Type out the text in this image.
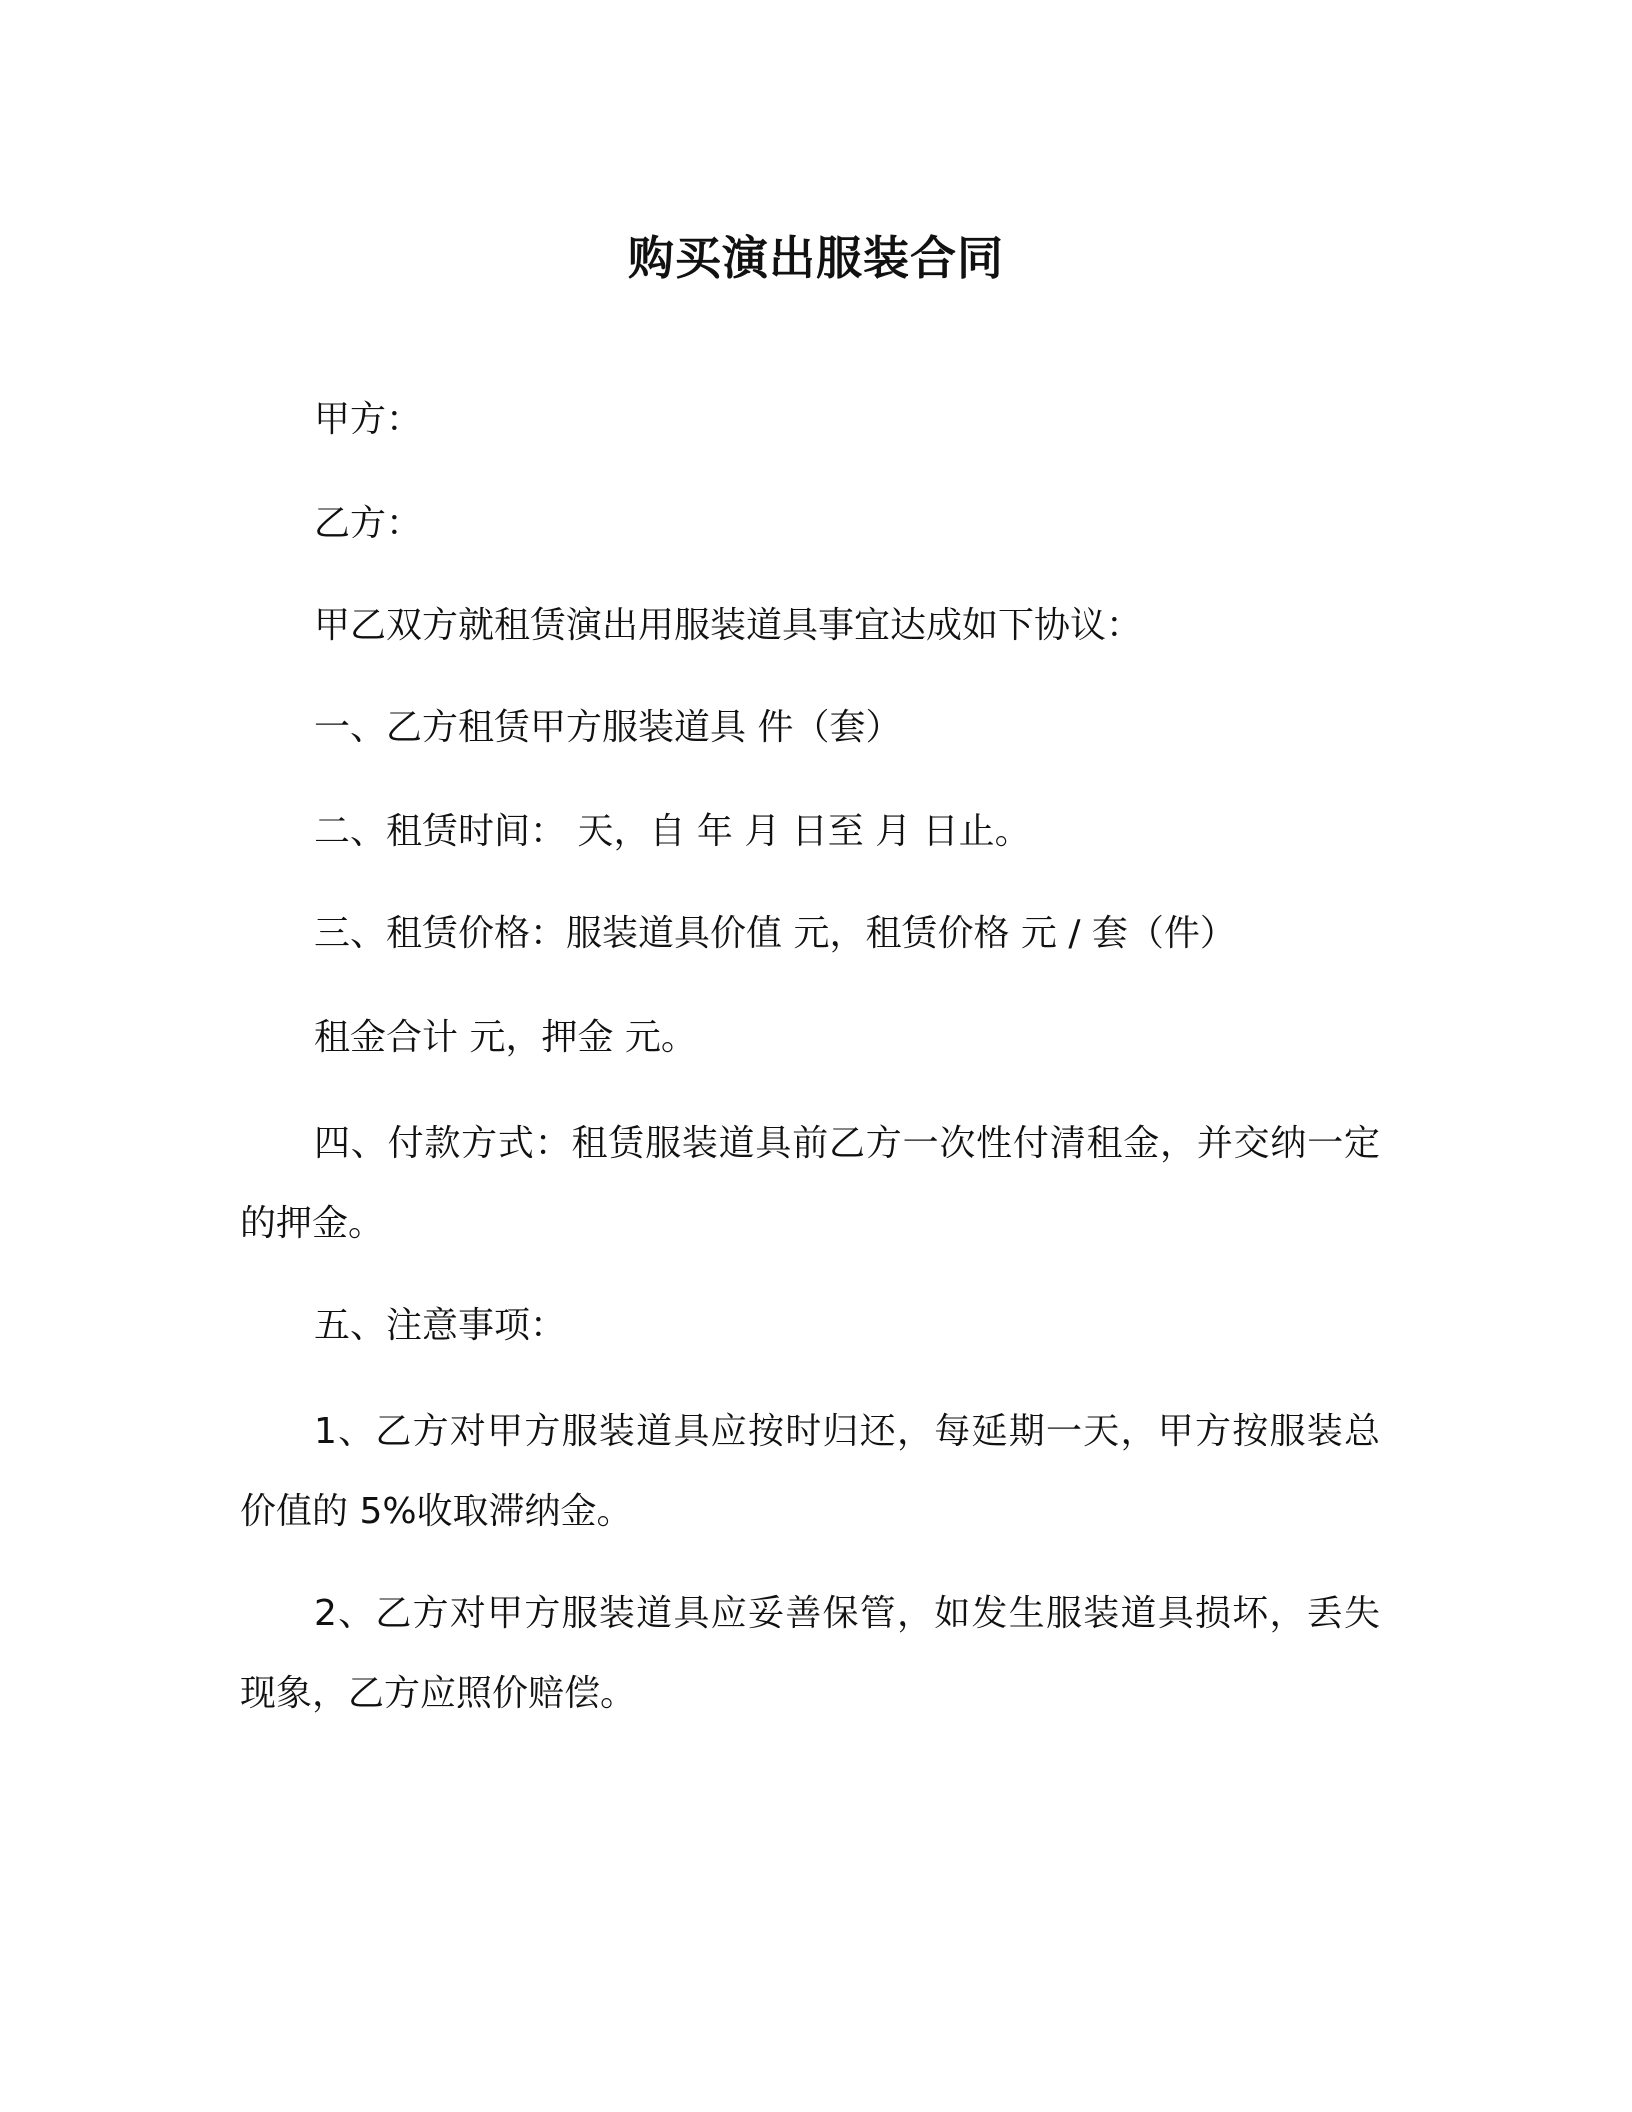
购买演出服装合同
甲方：
乙方：
甲乙双方就租赁演出用服装道具事宜达成如下协议：
一、乙方租赁甲方服装道具 件（套）
二、租赁时间： 天，自 年 月 日至 月 日止。
三、租赁价格：服装道具价值 元，租赁价格 元 / 套（件）
租金合计 元，押金 元。
四、付款方式：租赁服装道具前乙方一次性付清租金，并交纳一定的押金。
五、注意事项：
1、乙方对甲方服装道具应按时归还，每延期一天，甲方按服装总价值的 5%收取滞纳金。
2、乙方对甲方服装道具应妥善保管，如发生服装道具损坏，丢失现象，乙方应照价赔偿。
